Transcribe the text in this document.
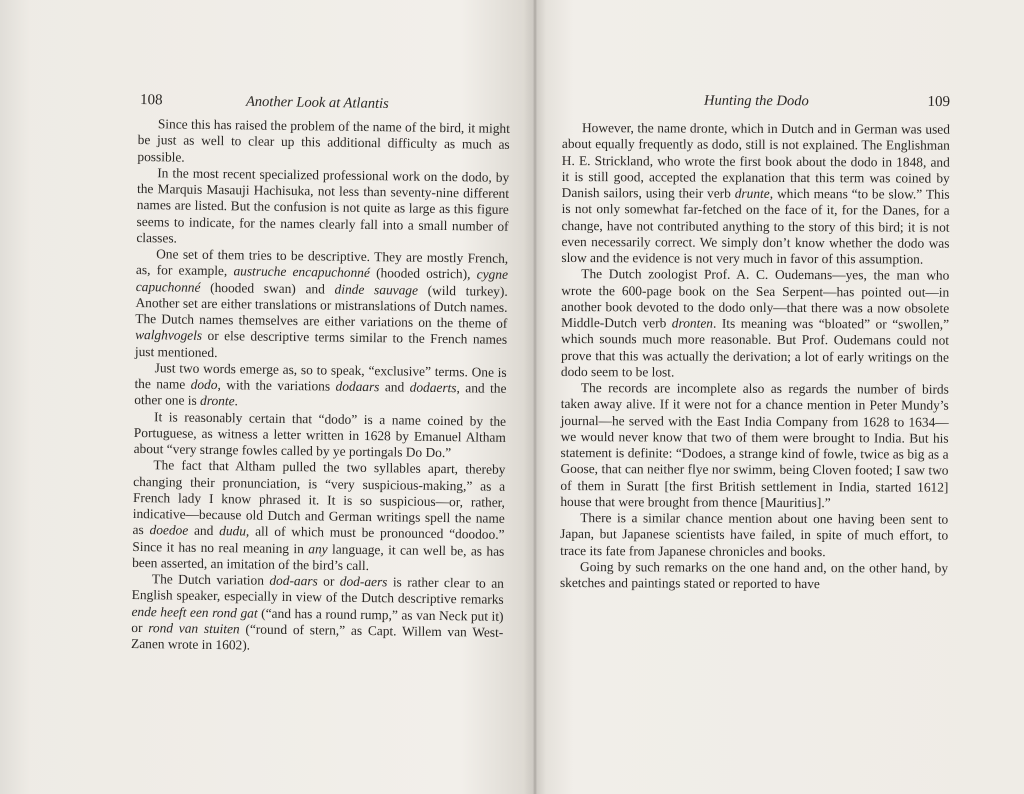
108	Another Look at Atlantis

Since this has raised the problem of the name of the bird, it might be just as well to clear up this additional difficulty as much as possible.

In the most recent specialized professional work on the dodo, by the Marquis Masauji Hachisuka, not less than seventy-nine different names are listed. But the confusion is not quite as large as this figure seems to indicate, for the names clearly fall into a small number of classes.

One set of them tries to be descriptive. They are mostly French, as, for example, austruche encapuchonné (hooded ostrich), cygne capuchonné (hooded swan) and dinde sauvage (wild turkey). Another set are either translations or mistranslations of Dutch names. The Dutch names themselves are either variations on the theme of walghvogels or else descriptive terms similar to the French names just mentioned.

Just two words emerge as, so to speak, “exclusive” terms. One is the name dodo, with the variations dodaars and dodaerts, and the other one is dronte.

It is reasonably certain that “dodo” is a name coined by the Portuguese, as witness a letter written in 1628 by Emanuel Altham about “very strange fowles called by ye portingals Do Do.”

The fact that Altham pulled the two syllables apart, thereby changing their pronunciation, is “very suspicious-making,” as a French lady I know phrased it. It is so suspicious—or, rather, indicative—because old Dutch and German writings spell the name as doedoe and dudu, all of which must be pronounced “doodoo.” Since it has no real meaning in any language, it can well be, as has been asserted, an imitation of the bird’s call.

The Dutch variation dod-aars or dod-aers is rather clear to an English speaker, especially in view of the Dutch descriptive remarks ende heeft een rond gat (“and has a round rump,” as van Neck put it) or rond van stuiten (“round of stern,” as Capt. Willem van West-Zanen wrote in 1602).

Hunting the Dodo	109

However, the name dronte, which in Dutch and in German was used about equally frequently as dodo, still is not explained. The Englishman H. E. Strickland, who wrote the first book about the dodo in 1848, and it is still good, accepted the explanation that this term was coined by Danish sailors, using their verb drunte, which means “to be slow.” This is not only somewhat far-fetched on the face of it, for the Danes, for a change, have not contributed anything to the story of this bird; it is not even necessarily correct. We simply don’t know whether the dodo was slow and the evidence is not very much in favor of this assumption.

The Dutch zoologist Prof. A. C. Oudemans—yes, the man who wrote the 600-page book on the Sea Serpent—has pointed out—in another book devoted to the dodo only—that there was a now obsolete Middle-Dutch verb dronten. Its meaning was “bloated” or “swollen,” which sounds much more reasonable. But Prof. Oudemans could not prove that this was actually the derivation; a lot of early writings on the dodo seem to be lost.

The records are incomplete also as regards the number of birds taken away alive. If it were not for a chance mention in Peter Mundy’s journal—he served with the East India Company from 1628 to 1634—we would never know that two of them were brought to India. But his statement is definite: “Dodoes, a strange kind of fowle, twice as big as a Goose, that can neither flye nor swimm, being Cloven footed; I saw two of them in Suratt [the first British settlement in India, started 1612] house that were brought from thence [Mauritius].”

There is a similar chance mention about one having been sent to Japan, but Japanese scientists have failed, in spite of much effort, to trace its fate from Japanese chronicles and books.

Going by such remarks on the one hand and, on the other hand, by sketches and paintings stated or reported to have
